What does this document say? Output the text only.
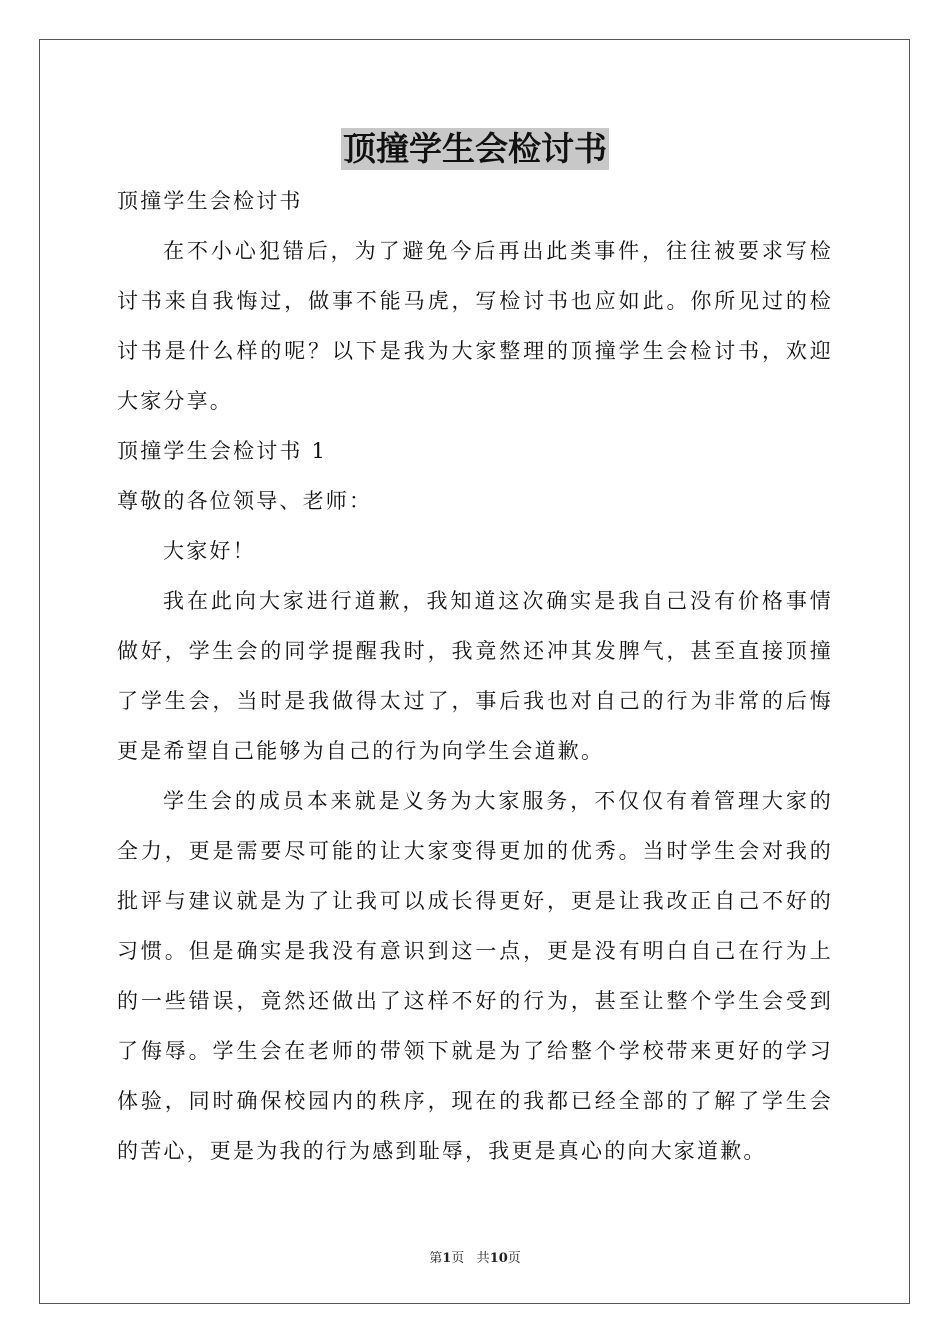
顶撞学生会检讨书

顶撞学生会检讨书

在不小心犯错后，为了避免今后再出此类事件，往往被要求写检讨书来自我悔过，做事不能马虎，写检讨书也应如此。你所见过的检讨书是什么样的呢？以下是我为大家整理的顶撞学生会检讨书，欢迎大家分享。

顶撞学生会检讨书 1

尊敬的各位领导、老师：

大家好！

我在此向大家进行道歉，我知道这次确实是我自己没有价格事情做好，学生会的同学提醒我时，我竟然还冲其发脾气，甚至直接顶撞了学生会，当时是我做得太过了，事后我也对自己的行为非常的后悔更是希望自己能够为自己的行为向学生会道歉。

学生会的成员本来就是义务为大家服务，不仅仅有着管理大家的全力，更是需要尽可能的让大家变得更加的优秀。当时学生会对我的批评与建议就是为了让我可以成长得更好，更是让我改正自己不好的习惯。但是确实是我没有意识到这一点，更是没有明白自己在行为上的一些错误，竟然还做出了这样不好的行为，甚至让整个学生会受到了侮辱。学生会在老师的带领下就是为了给整个学校带来更好的学习体验，同时确保校园内的秩序，现在的我都已经全部的了解了学生会的苦心，更是为我的行为感到耻辱，我更是真心的向大家道歉。

第1页 共10页
